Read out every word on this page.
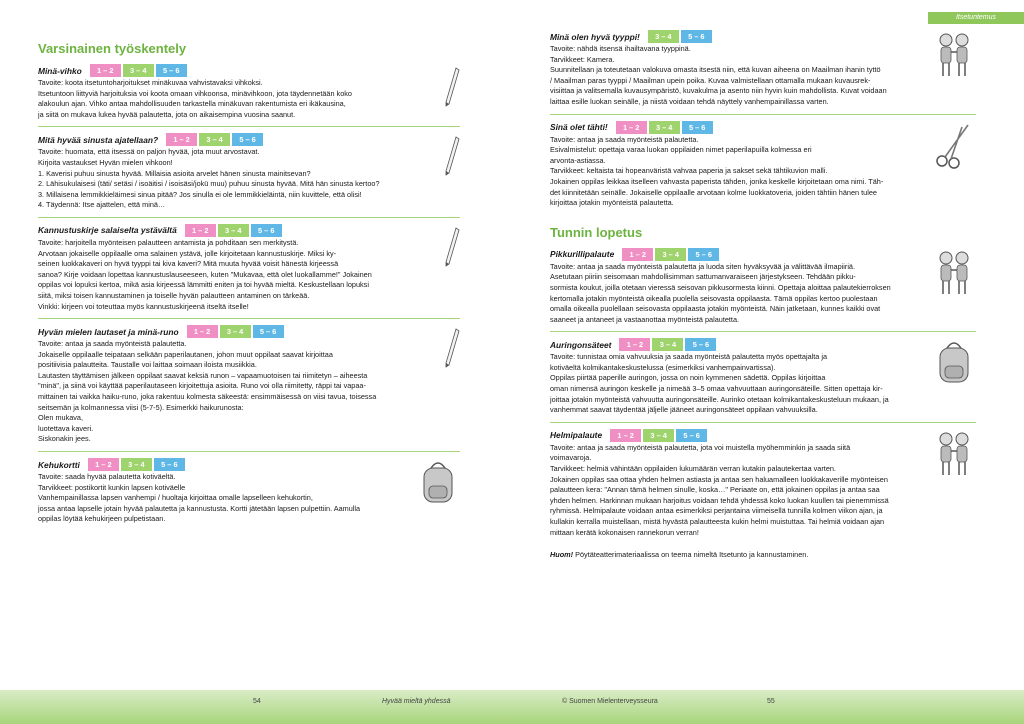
Itsetuntemus
Varsinainen työskentely
Minä-vihko	1 – 2	3 – 4	5 – 6

Tavoite: koota itsetuntoharjoitukset minäkuvaa vahvistavaksi vihkoksi.

Itsetuntoon liittyviä harjoituksia voi koota omaan vihkoonsa, minävihkoon, jota täydennetään koko

alakoulun ajan. Vihko antaa mahdollisuuden tarkastella minäkuvan rakentumista eri ikäkausina,

ja siitä on mukava lukea hyvää palautetta, jota on aikaisempina vuosina saanut.

Mitä hyvää sinusta ajatellaan?	1 – 2	3 – 4	5 – 6

Tavoite: huomata, että itsessä on paljon hyvää, jota muut arvostavat.

Kirjoita vastaukset Hyvän mielen vihkoon!

1. Kaverisi puhuu sinusta hyvää. Millaisia asioita arvelet hänen sinusta mainitsevan?

2. Lähisukulaisesi (täti/ setäsi / isoäitisi / isoisäsi/jokü muu) puhuu sinusta hyvää. Mitä hän sinusta kertoo?

3. Millaisena lemmikkieläimesi sinua pitää? Jos sinulla ei ole lemmikkieläintä, niin kuvittele, että olisi!

4. Täydennä: Itse ajattelen, että minä…

Kannustuskirje salaiselta ystävältä	1 – 2	3 – 4	5 – 6

Tavoite: harjoitella myönteisen palautteen antamista ja pohditaan sen merkitystä.

Arvotaan jokaiselle oppilaalle oma salainen ystävä, jolle kirjoitetaan kannustuskirje. Miksi ky-

seinen luokkakaveri on hyvä tyyppi tai kiva kaveri? Mitä muuta hyvää voisit hänestä kirjeessä

sanoa? Kirje voidaan lopettaa kannustuslauseeseen, kuten "Mukavaa, että olet luokallamme!" Jokainen

oppilas voi lopuksi kertoa, mikä asia kirjeessä lämmitti eniten ja toi hyvää mieltä. Keskustellaan lopuksi

siitä, miksi toisen kannustaminen ja toiselle hyvän palautteen antaminen on tärkeää.

Vinkki: kirjeen voi toteuttaa myös kannustuskirjeenä itseltä itselle!

Hyvän mielen lautaset ja minä-runo	1 – 2	3 – 4	5 – 6

Tavoite: antaa ja saada myönteistä palautetta.

Jokaiselle oppilaalle teipataan selkään paperilautanen, johon muut oppilaat saavat kirjoittaa

positiivisia palautteita. Taustalle voi laittaa soimaan iloista musiikkia.

Lautasten täyttämisen jälkeen oppilaat saavat keksiä runon – vapaamuotoisen tai riimitetyn – aiheesta

"minä", ja siinä voi käyttää paperilautaseen kirjoitettuja asioita. Runo voi olla riimitetty, räppi tai vapaa-

mittainen tai vaikka haiku-runo, joka rakentuu kolmesta säkeestä: ensimmäisessä on viisi tavua, toisessa

seitsemän ja kolmannessa viisi (5-7-5). Esimerkki haikurunosta:

Olen mukava,

luotettava kaveri.

Siskonakin jees.

Kehukortti	1 – 2	3 – 4	5 – 6

Tavoite: saada hyvää palautetta kotiväeltä.

Tarvikkeet: postikortit kunkin lapsen kotiväelle

Vanhempainillassa lapsen vanhempi / huoltaja kirjoittaa omalle lapselleen kehukortin,

jossa antaa lapselle jotain hyvää palautetta ja kannustusta. Kortti jätetään lapsen pulpettiin. Aamulla

oppilas löytää kehukirjeen pulpetistaan.

Minä olen hyvä tyyppi!	3 – 4	5 – 6

Tavoite: nähdä itsensä ihailtavana tyyppinä.

Tarvikkeet: Kamera.

Suunnitellaan ja toteutetaan valokuva omasta itsestä niin, että kuvan aiheena on Maailman ihanin tyttö

/ Maailman paras tyyppi / Maailman upein poika. Kuvaa valmistellaan ottamalla mukaan kuvausrek-

visiittaa ja valitsemalla kuvausympäristö, kuvakulma ja asento niin hyvin kuin mahdollista. Kuvat voidaan

laittaa esille luokan seinälle, ja niistä voidaan tehdä näyttely vanhempainillassa varten.

Sinä olet tähti!	1 – 2	3 – 4	5 – 6

Tavoite: antaa ja saada myönteistä palautetta.

Esivalmistelut: opettaja varaa luokan oppilaiden nimet paperilapuilla kolmessa eri

arvonta-astiassa.

Tarvikkeet: keltaista tai hopeanväristä vahvaa paperia ja sakset sekä tähtikuvion malli.

Jokainen oppilas leikkaa itselleen vahvasta paperista tähden, jonka keskelle kirjoitetaan oma nimi. Täh-

det kiinnitetään seinälle. Jokaiselle oppilaalle arvotaan kolme luokkatoveria, joiden tähtiin hänen tulee

kirjoittaa jotakin myönteistä palautetta.

Tunnin lopetus
Pikkurillipalaute	1 – 2	3 – 4	5 – 6

Tavoite: antaa ja saada myönteistä palautetta ja luoda siten hyväksyvää ja välittävää ilmapiiriä.

Asetutaan piiriin seisomaan mahdollisimman sattumanvaraiseen järjestykseen. Tehdään pikku-

sormista koukut, joilla otetaan vieressä seisovan pikkusormesta kiinni. Opettaja aloittaa palautekierroksen

kertomalla jotakin myönteistä oikealla puolella seisovasta oppilaasta. Tämä oppilas kertoo puolestaan

omalla oikealla puolellaan seisovasta oppilaasta jotakin myönteistä. Näin jatketaan, kunnes kaikki ovat

saaneet ja antaneet ja vastaanottaa myönteistä palautetta.

Auringonsäteet	1 – 2	3 – 4	5 – 6

Tavoite: tunnistaa omia vahvuuksia ja saada myönteistä palautetta myös opettajalta ja

kotiväeltä kolmikantakeskustelussa (esimerkiksi vanhempainvartissa).

Oppilas piirtää paperille auringon, jossa on noin kymmenen sädettä. Oppilas kirjoittaa

oman nimensä auringon keskelle ja nimeää 3–5 omaa vahvuuttaan auringonsäteille. Sitten opettaja kir-

joittaa jotakin myönteistä vahvuutta auringonsäteille. Aurinko otetaan kolmikantakeskusteluun mukaan, ja

vanhemmat saavat täydentää jäljelle jääneet auringonsäteet oppilaan vahvuuksilla.

Helmipalaute	1 – 2	3 – 4	5 – 6

Tavoite: antaa ja saada myönteistä palautetta, jota voi muistella myöhemminkin ja saada siitä

voimavaroja.

Tarvikkeet: helmiä vähintään oppilaiden lukumäärän verran kutakin palautekertaa varten.

Jokainen oppilas saa ottaa yhden helmen astiasta ja antaa sen haluamalleen luokkakaverille myönteisen

palautteen kera: "Annan tämä helmen sinulle, koska…" Periaate on, että jokainen oppilas ja antaa saa

yhden helmen. Harkinnan mukaan harjoitus voidaan tehdä yhdessä koko luokan kuullen tai pienemmissä

ryhmissä. Helmipalaute voidaan antaa esimerkiksi perjantaina viimeisellä tunnilla kolmen viikon ajan, ja

kullakin kerralla muistellaan, mistä hyvästä palautteesta kukin helmi muistuttaa. Tai helmiä voidaan ajan

mittaan kerätä kokonaisen rannekorun verran!

Huom! Pöytäteatterimateriaalissa on teema nimeltä Itsetunto ja kannustaminen.
54	Hyvää mieltä yhdessä	© Suomen Mielenterveysseura	55
